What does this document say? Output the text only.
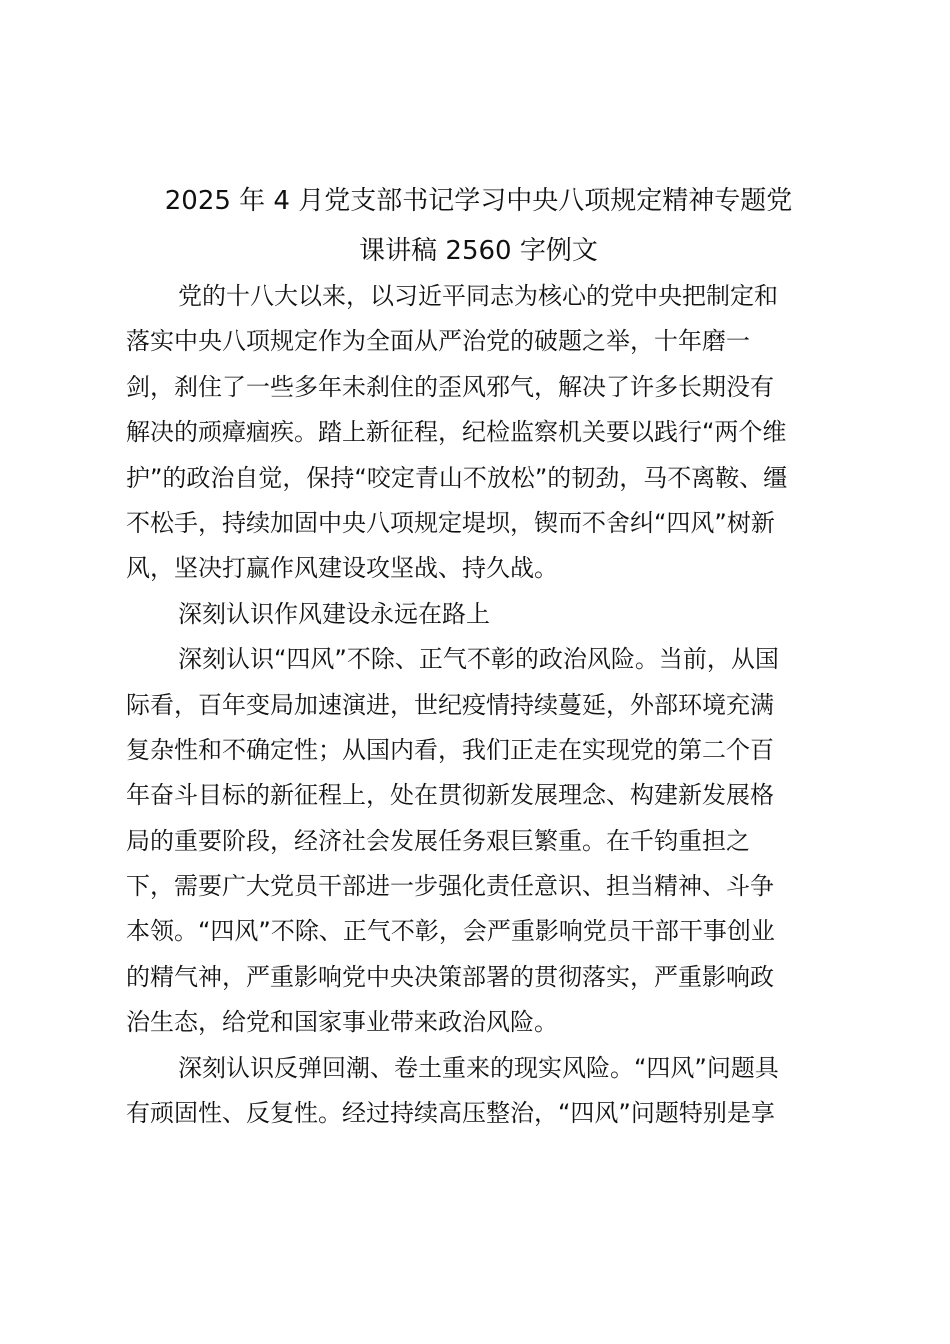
2025 年 4 月党支部书记学习中央八项规定精神专题党
课讲稿 2560 字例文
党的十八大以来，以习近平同志为核心的党中央把制定和
落实中央八项规定作为全面从严治党的破题之举，十年磨一
剑，刹住了一些多年未刹住的歪风邪气，解决了许多长期没有
解决的顽瘴痼疾。踏上新征程，纪检监察机关要以践行“两个维
护”的政治自觉，保持“咬定青山不放松”的韧劲，马不离鞍、缰
不松手，持续加固中央八项规定堤坝，锲而不舍纠“四风”树新
风，坚决打赢作风建设攻坚战、持久战。
深刻认识作风建设永远在路上
深刻认识“四风”不除、正气不彰的政治风险。当前，从国
际看，百年变局加速演进，世纪疫情持续蔓延，外部环境充满
复杂性和不确定性；从国内看，我们正走在实现党的第二个百
年奋斗目标的新征程上，处在贯彻新发展理念、构建新发展格
局的重要阶段，经济社会发展任务艰巨繁重。在千钧重担之
下，需要广大党员干部进一步强化责任意识、担当精神、斗争
本领。“四风”不除、正气不彰，会严重影响党员干部干事创业
的精气神，严重影响党中央决策部署的贯彻落实，严重影响政
治生态，给党和国家事业带来政治风险。
深刻认识反弹回潮、卷土重来的现实风险。“四风”问题具
有顽固性、反复性。经过持续高压整治，“四风”问题特别是享
